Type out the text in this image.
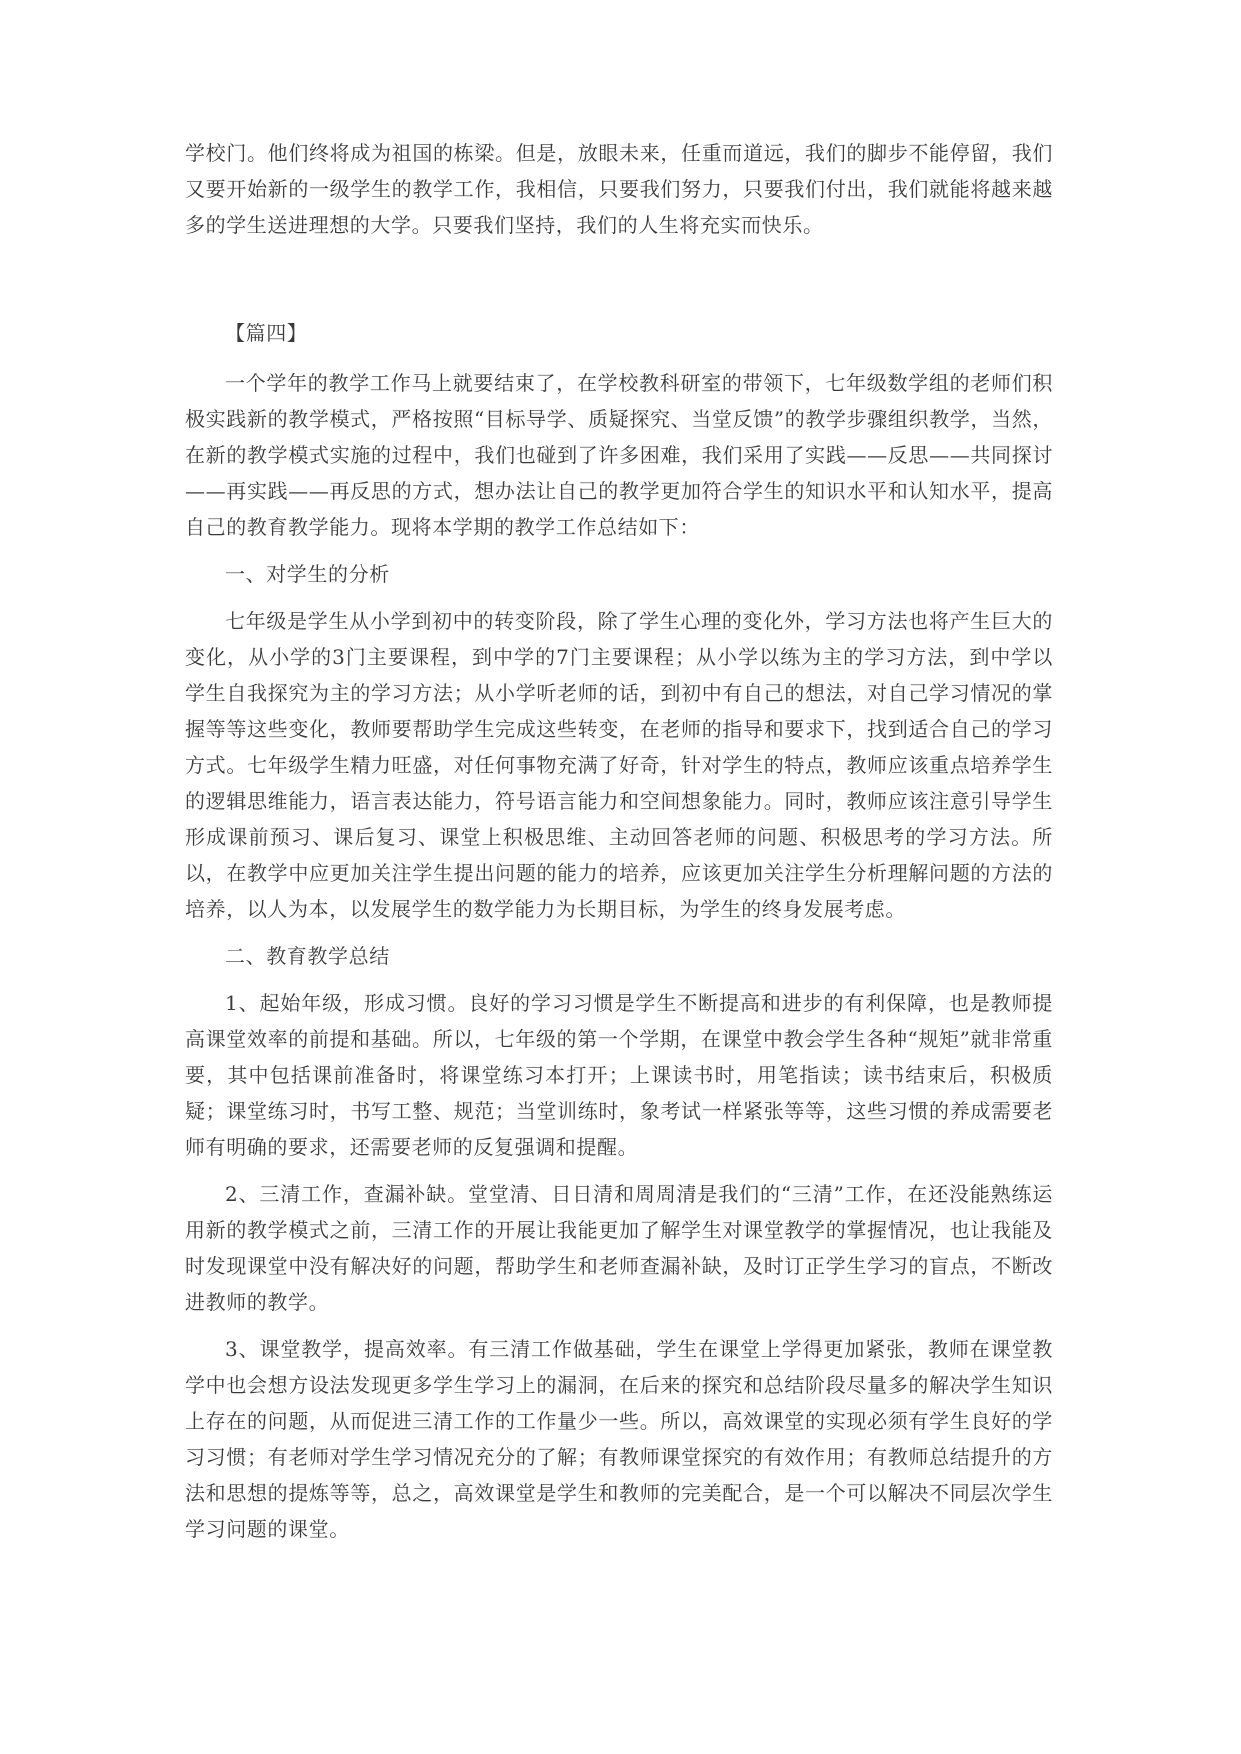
学校门。他们终将成为祖国的栋梁。但是，放眼未来，任重而道远，我们的脚步不能停留，我们又要开始新的一级学生的教学工作，我相信，只要我们努力，只要我们付出，我们就能将越来越多的学生送进理想的大学。只要我们坚持，我们的人生将充实而快乐。

【篇四】

一个学年的教学工作马上就要结束了，在学校教科研室的带领下，七年级数学组的老师们积极实践新的教学模式，严格按照“目标导学、质疑探究、当堂反馈”的教学步骤组织教学，当然，在新的教学模式实施的过程中，我们也碰到了许多困难，我们采用了实践——反思——共同探讨——再实践——再反思的方式，想办法让自己的教学更加符合学生的知识水平和认知水平，提高自己的教育教学能力。现将本学期的教学工作总结如下：

一、对学生的分析

七年级是学生从小学到初中的转变阶段，除了学生心理的变化外，学习方法也将产生巨大的变化，从小学的3门主要课程，到中学的7门主要课程；从小学以练为主的学习方法，到中学以学生自我探究为主的学习方法；从小学听老师的话，到初中有自己的想法，对自己学习情况的掌握等等这些变化，教师要帮助学生完成这些转变，在老师的指导和要求下，找到适合自己的学习方式。七年级学生精力旺盛，对任何事物充满了好奇，针对学生的特点，教师应该重点培养学生的逻辑思维能力，语言表达能力，符号语言能力和空间想象能力。同时，教师应该注意引导学生形成课前预习、课后复习、课堂上积极思维、主动回答老师的问题、积极思考的学习方法。所以，在教学中应更加关注学生提出问题的能力的培养，应该更加关注学生分析理解问题的方法的培养，以人为本，以发展学生的数学能力为长期目标，为学生的终身发展考虑。

二、教育教学总结

1、起始年级，形成习惯。良好的学习习惯是学生不断提高和进步的有利保障，也是教师提高课堂效率的前提和基础。所以，七年级的第一个学期，在课堂中教会学生各种“规矩”就非常重要，其中包括课前准备时，将课堂练习本打开；上课读书时，用笔指读；读书结束后，积极质疑；课堂练习时，书写工整、规范；当堂训练时，象考试一样紧张等等，这些习惯的养成需要老师有明确的要求，还需要老师的反复强调和提醒。

2、三清工作，查漏补缺。堂堂清、日日清和周周清是我们的“三清”工作，在还没能熟练运用新的教学模式之前，三清工作的开展让我能更加了解学生对课堂教学的掌握情况，也让我能及时发现课堂中没有解决好的问题，帮助学生和老师查漏补缺，及时订正学生学习的盲点，不断改进教师的教学。

3、课堂教学，提高效率。有三清工作做基础，学生在课堂上学得更加紧张，教师在课堂教学中也会想方设法发现更多学生学习上的漏洞，在后来的探究和总结阶段尽量多的解决学生知识上存在的问题，从而促进三清工作的工作量少一些。所以，高效课堂的实现必须有学生良好的学习习惯；有老师对学生学习情况充分的了解；有教师课堂探究的有效作用；有教师总结提升的方法和思想的提炼等等，总之，高效课堂是学生和教师的完美配合，是一个可以解决不同层次学生学习问题的课堂。
